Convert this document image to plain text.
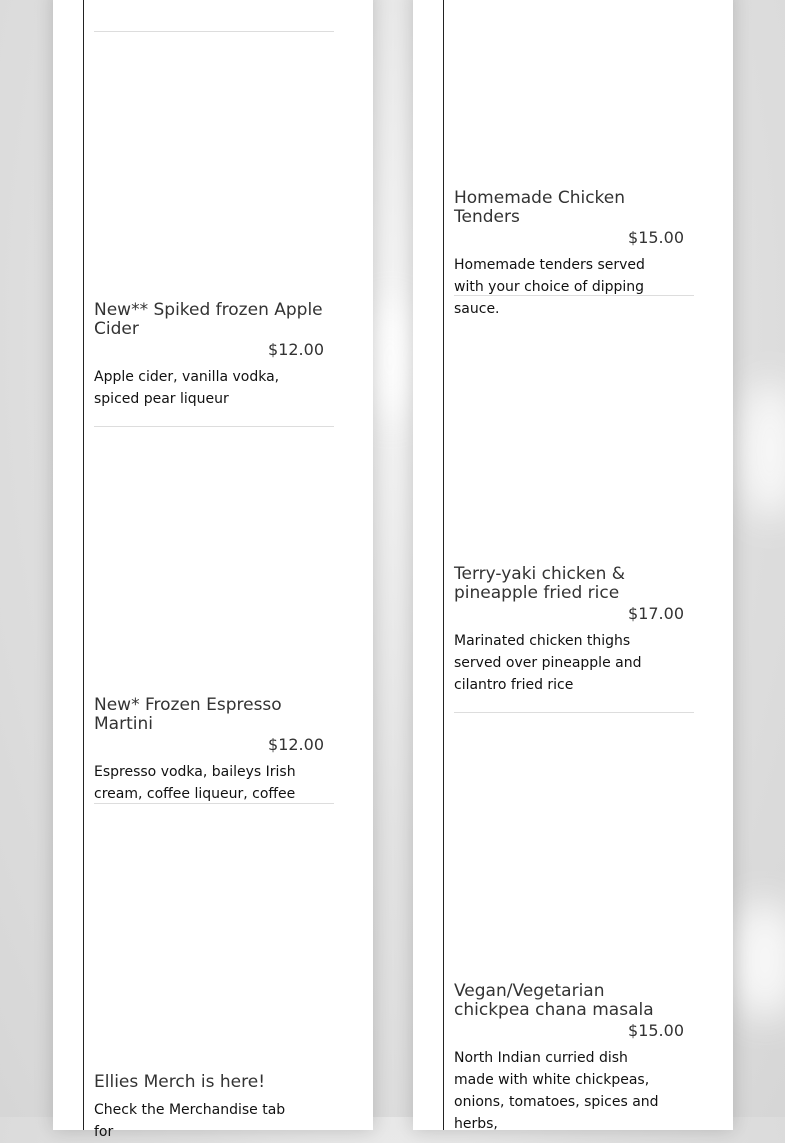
New** Spiked frozen Apple Cider
$12.00
Apple cider, vanilla vodka, spiced pear liqueur
New* Frozen Espresso Martini
$12.00
Espresso vodka, baileys Irish cream, coffee liqueur, coffee
Ellies Merch is here!
Check the Merchandise tab for
Homemade Chicken Tenders
$15.00
Homemade tenders served with your choice of dipping sauce.
Terry-yaki chicken & pineapple fried rice
$17.00
Marinated chicken thighs served over pineapple and cilantro fried rice
Vegan/Vegetarian chickpea chana masala
$15.00
North Indian curried dish made with white chickpeas, onions, tomatoes, spices and herbs,
